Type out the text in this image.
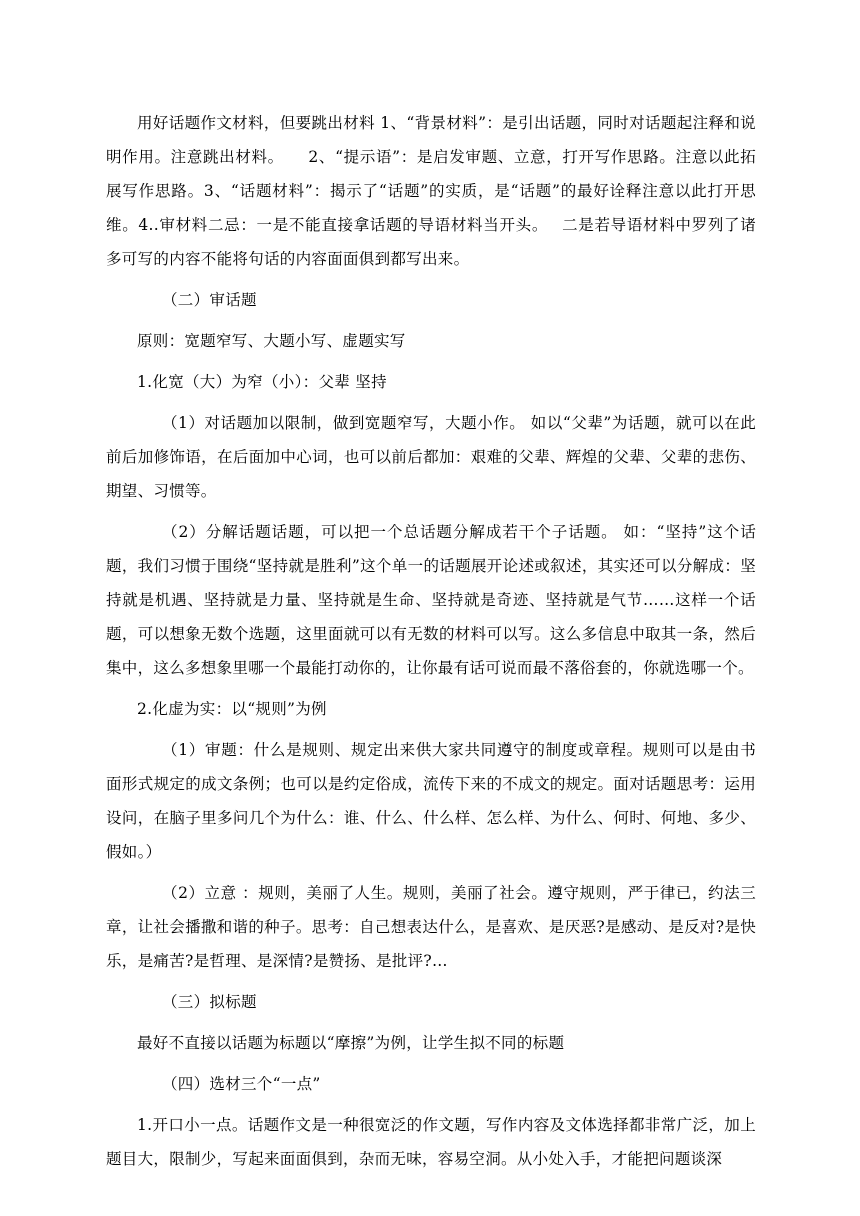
用好话题作文材料，但要跳出材料 1、“背景材料”：是引出话题，同时对话题起注释和说明作用。注意跳出材料。　　2、“提示语”：是启发审题、立意，打开写作思路。注意以此拓展写作思路。3、“话题材料”：揭示了“话题”的实质，是“话题”的最好诠释注意以此打开思维。4..审材料二忌：一是不能直接拿话题的导语材料当开头。　 二是若导语材料中罗列了诸多可写的内容不能将句话的内容面面俱到都写出来。

（二）审话题

原则：宽题窄写、大题小写、虚题实写

1.化宽（大）为窄（小）：父辈 坚持

（1）对话题加以限制，做到宽题窄写，大题小作。 如以“父辈”为话题，就可以在此前后加修饰语，在后面加中心词，也可以前后都加：艰难的父辈、辉煌的父辈、父辈的悲伤、期望、习惯等。

（2）分解话题话题，可以把一个总话题分解成若干个子话题。 如：“坚持”这个话题，我们习惯于围绕“坚持就是胜利”这个单一的话题展开论述或叙述，其实还可以分解成：坚持就是机遇、坚持就是力量、坚持就是生命、坚持就是奇迹、坚持就是气节……这样一个话题，可以想象无数个选题，这里面就可以有无数的材料可以写。这么多信息中取其一条，然后集中，这么多想象里哪一个最能打动你的，让你最有话可说而最不落俗套的，你就选哪一个。

2.化虚为实：以“规则”为例

（1）审题：什么是规则、规定出来供大家共同遵守的制度或章程。规则可以是由书面形式规定的成文条例；也可以是约定俗成，流传下来的不成文的规定。面对话题思考：运用设问，在脑子里多问几个为什么：谁、什么、什么样、怎么样、为什么、何时、何地、多少、假如。）

（2）立意 ：规则，美丽了人生。规则，美丽了社会。遵守规则，严于律已，约法三章，让社会播撒和谐的种子。思考：自己想表达什么，是喜欢、是厌恶?是感动、是反对?是快乐，是痛苦?是哲理、是深情?是赞扬、是批评?…

（三）拟标题

最好不直接以话题为标题以“摩擦”为例，让学生拟不同的标题

（四）选材三个“一点”

1.开口小一点。话题作文是一种很宽泛的作文题，写作内容及文体选择都非常广泛，加上题目大，限制少，写起来面面俱到，杂而无味，容易空洞。从小处入手，才能把问题谈深
